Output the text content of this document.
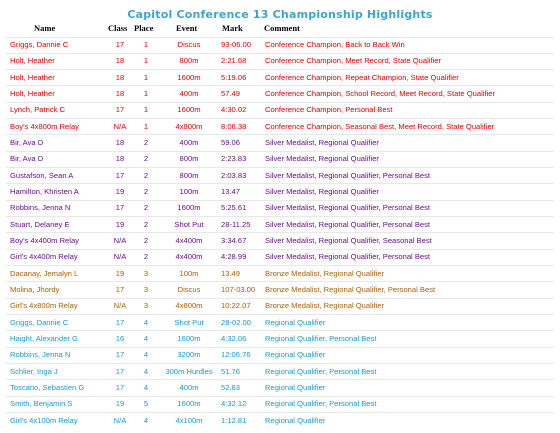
Capitol Conference 13 Championship Highlights
Name	Class Place	Event	Mark Comment
Griggs, Dannie C	17	1	Discus	93-06.00 Conference Champion, Back to Back Win
Holt, Heather	18	1	800m	2:21.68 Conference Champion, Meet Record, State Qualifier
Holt, Heather	18	1	1600m	5:19.06 Conference Champion, Repeat Champion, State Qualifier
Holt, Heather	18	1	400m	57.49	Conference Champion, School Record, Meet Record, State Qualifier
Lynch, Patrick C	17	1	1600m	4:30.02 Conference Champion, Personal Best
Boy's 4x800m Relay	N/A	1	4x800m	8:06.38 Conference Champion, Seasonal Best, Meet Record, State Qualifier
Bir, Ava D	18	2	400m	59.06	Silver Medalist, Regional Qualifier
Bir, Ava D	18	2	800m	2:23.83 Silver Medalist, Regional Qualifier
Gustafson, Sean A	17	2	800m	2:03.83 Silver Medalist, Regional Qualifier, Personal Best
Hamilton, Khristen A	19	2	100m	13.47	Silver Medalist, Regional Qualifier
Robbins, Jenna N	17	2	1600m	5:25.61 Silver Medalist, Regional Qualifier, Personal Best
Stuart, Delaney E	19	2	Shot Put	28-11.25 Silver Medalist, Regional Qualifier, Personal Best
Boy's 4x400m Relay	N/A	2	4x400m	3:34.67 Silver Medalist, Regional Qualifier, Seasonal Best
Girl's 4x400m Relay	N/A	2	4x400m	4:28.99 Silver Medalist, Regional Qualifier, Personal Best
Dacanay, Jemalyn L	19	3	100m	13.49	Bronze Medalist, Regional Qualifier
Molina, Jhordy	17	3	Discus	107-03.00 Bronze Medalist, Regional Qualifier, Personal Best
Girl's 4x800m Relay	N/A	3	4x800m	10:22.07 Bronze Medalist, Regional Qualifier
Griggs, Dannie C	17	4	Shot Put	28-02.00 Regional Qualifier
Haight, Alexander G	16	4	1600m	4:32.06 Regional Qualifier, Personal Best
Robbins, Jenna N	17	4	3200m	12:06.76 Regional Qualifier
Schlier, Inga J	17	4	300m Hurdles	51.76	Regional Qualifier, Personal Best
Toscano, Sebastien G	17	4	400m	52.83	Regional Qualifier
Smith, Benjamin S	19	5	1600m	4:32.12 Regional Qualifier, Personal Best
Girl's 4x100m Relay	N/A	4	4x100m	1:12.81 Regional Qualifier
